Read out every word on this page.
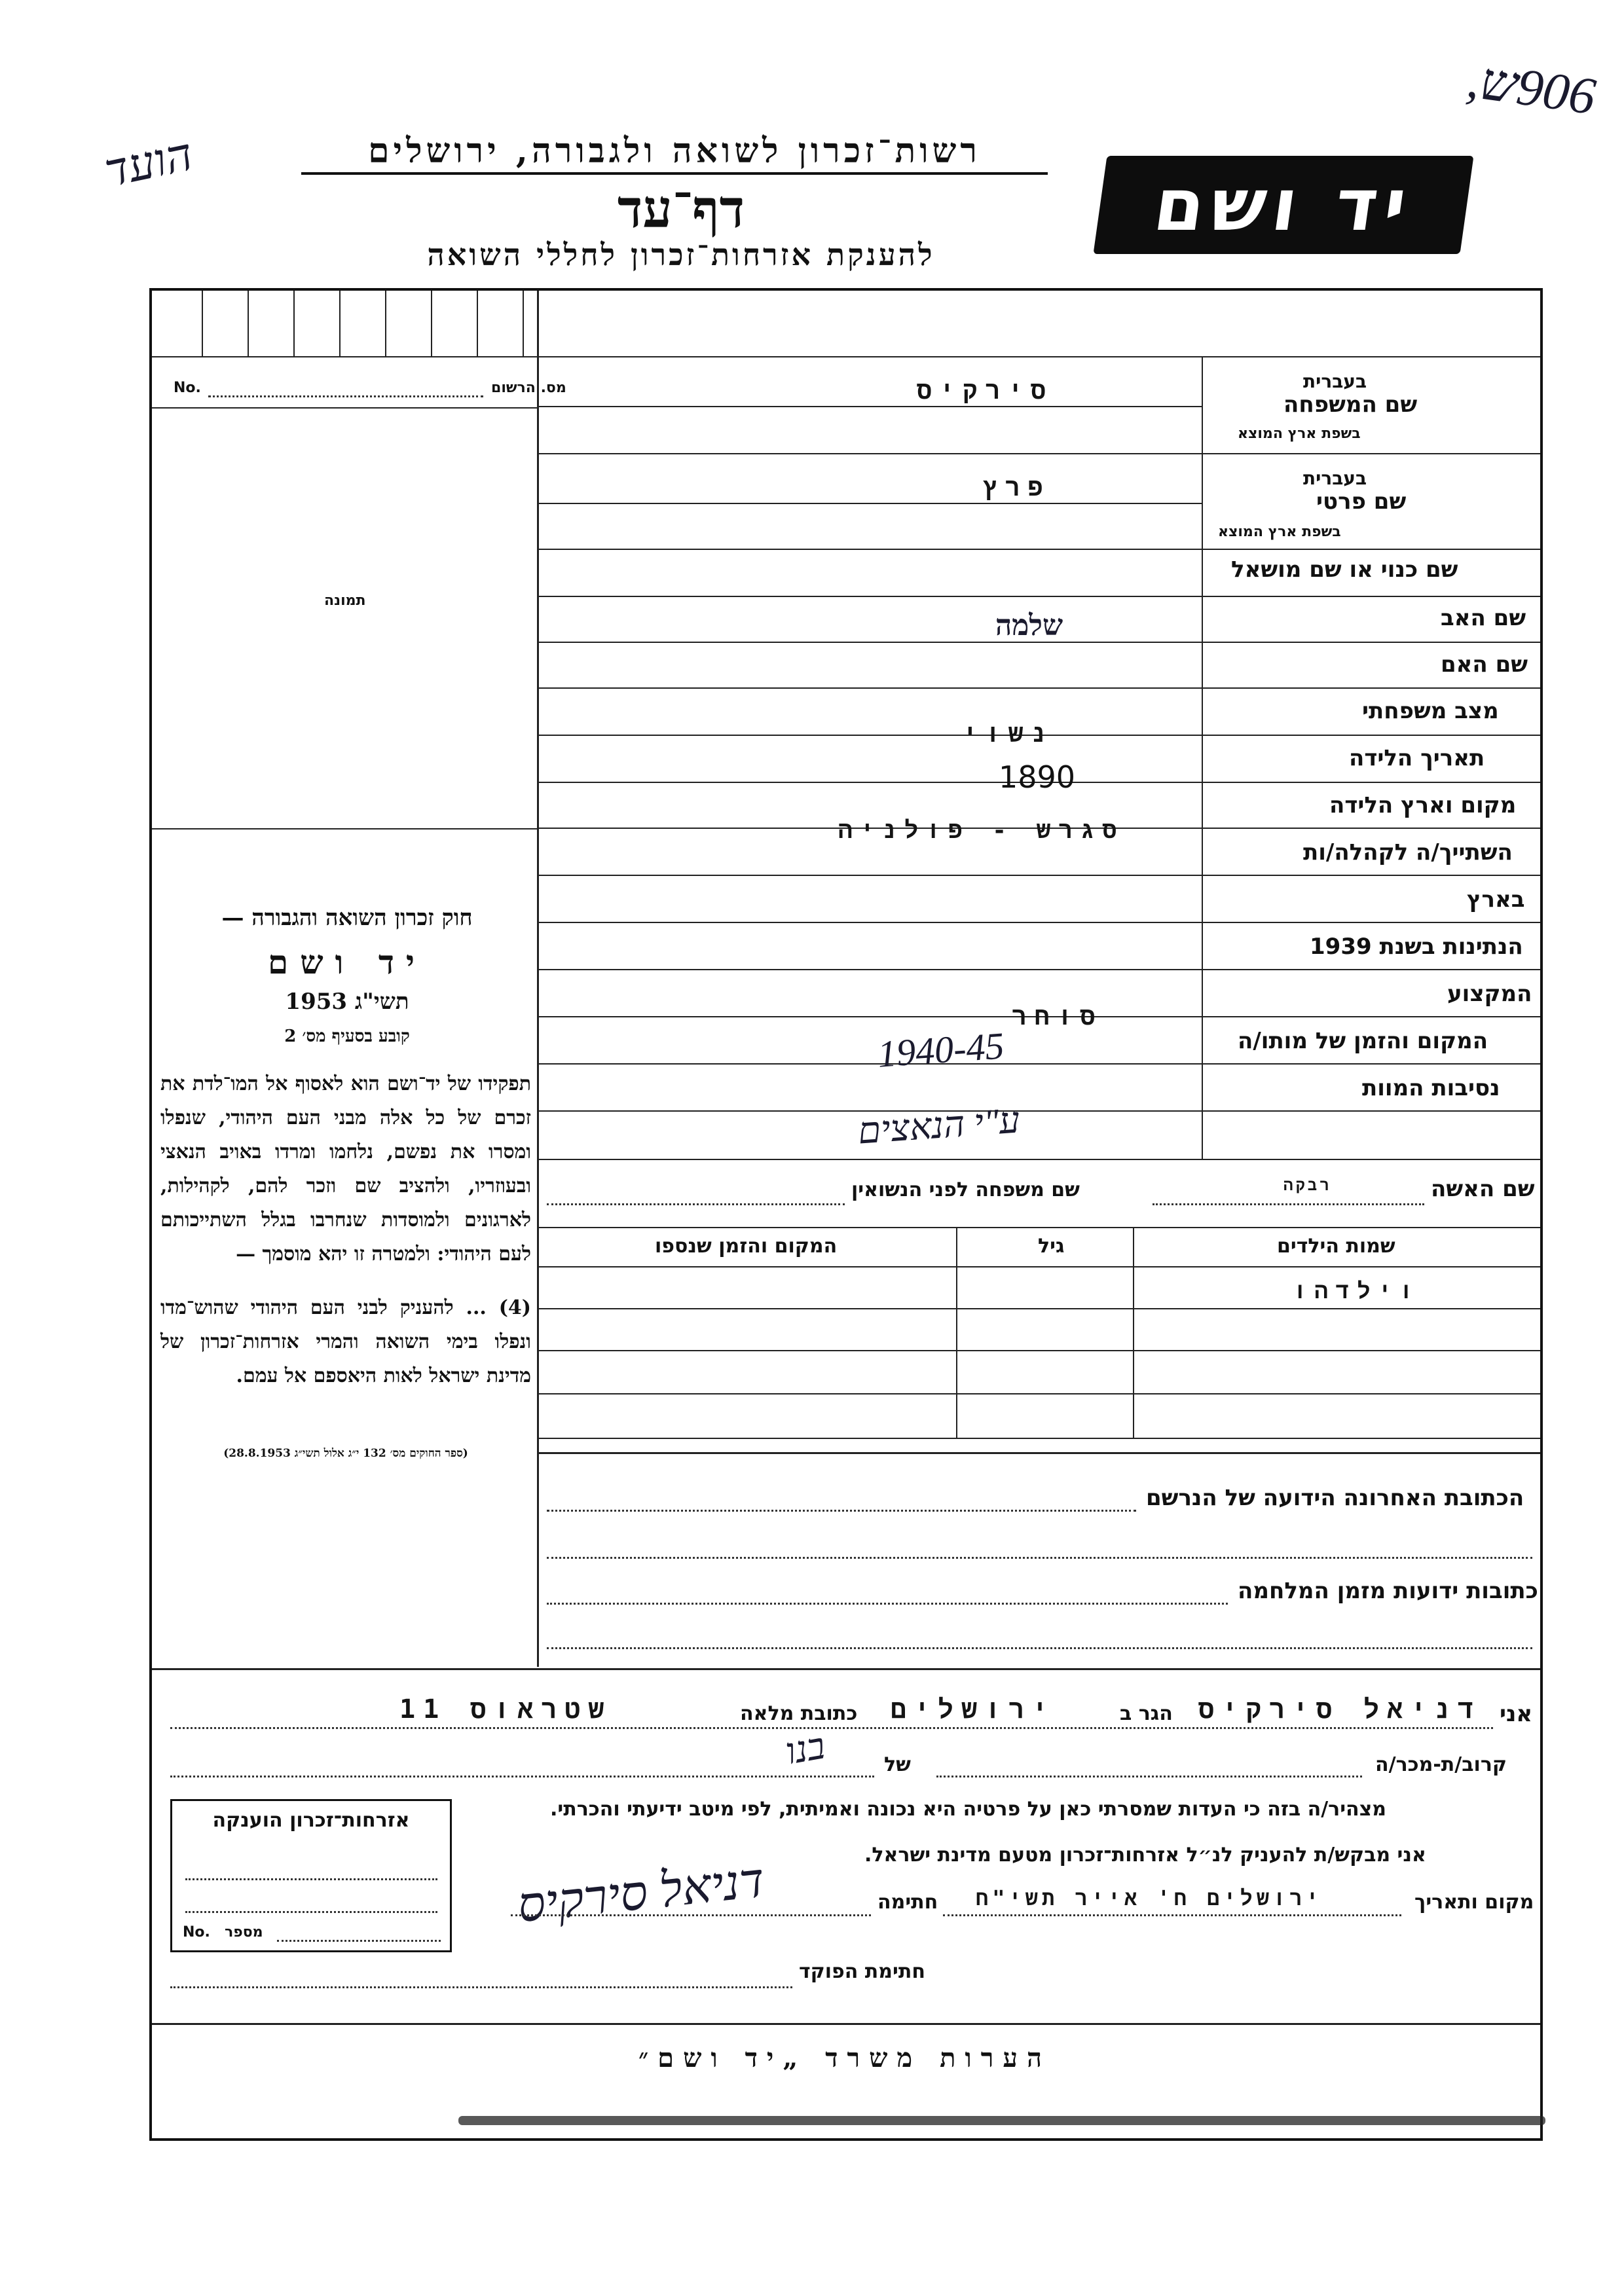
הועד
906ש,
רשות־זכרון לשואה ולגבורה, ירושלים
דף־עד
להענקת אזרחות־זכרון לחללי השואה
יד ושם
מס. הרשום
No.
תמונה
חוק זכרון השואה והגבורה —
יד ושם
תשי"ג 1953
קובע בסעיף מס׳ 2
תפקידו של יד־ושם הוא לאסוף אל המו־לדת את זכרם של כל אלה מבני העם היהודי, שנפלו ומסרו את נפשם, נלחמו ומרדו באויב הנאצי ובעוזריו, ולהציב שם וזכר להם, לקהילות, לארגונים ולמוסדות שנחרבו בגלל השתייכותם לעם היהודי: ולמטרה זו יהא מוסמך —
(4) ... להעניק לבני העם היהודי שהוש־מדו ונפלו בימי השואה והמרי אזרחות־זכרון של מדינת ישראל לאות היאספם אל עמם.
(ספר החוקים מס׳ 132 י״ג אלול תשי״ג 28.8.1953)
שם המשפחה
בעברית
בשפת ארץ המוצא
סירקיס
שם פרטי
בעברית
בשפת ארץ המוצא
פרץ
שם כנוי או שם מושאל
שם האב
שלמה
שם האם
מצב משפחתי
נשוי
תאריך הלידה
1890
מקום וארץ הלידה
סגרש - פולניה
השתייך/ה לקהלה/ות
בארץ
הנתינות בשנת 1939
המקצוע
סוחר
המקום והזמן של מותו/ה
1940-45
נסיבות המוות
ע"י הנאצים
שם האשה
רבקה
שם משפחה לפני הנשואין
שמות הילדים
גיל
המקום והזמן שנספו
וילדהו
הכתובת האחרונה הידועה של הנרשם
כתובות ידועות מזמן המלחמה
אני
דניאל סירקיס
הגר ב
ירושלים
כתובת מלאה
שטראוס 11
קרוב/ת-מכר/ה
של
בנו
מצהיר/ה בזה כי העדות שמסרתי כאן על פרטיה היא נכונה ואמיתית, לפי מיטב ידיעתי והכרתי.
אני מבקש/ת להעניק לנ״ל אזרחות־זכרון מטעם מדינת ישראל.
מקום ותאריך
ירושלים ח' אייר תשי"ח
חתימה
דניאל סירקיס
חתימת הפוקד
אזרחות־זכרון הוענקה
No. מספר
הערות משרד „יד ושם״
